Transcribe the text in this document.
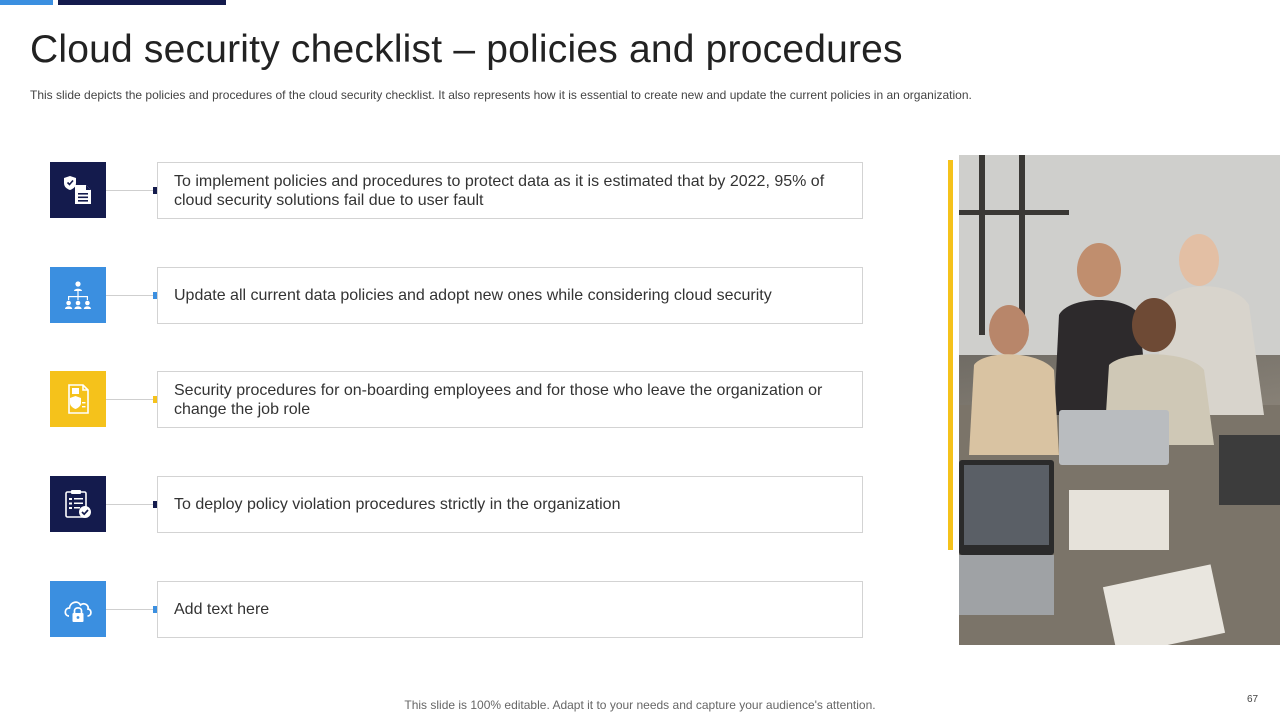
Cloud security checklist – policies and procedures

This slide depicts the policies and procedures of the cloud security checklist. It also represents how it is essential to create new and update the current policies in an organization.

To implement policies and procedures to protect data as it is estimated that by 2022, 95% of cloud security solutions fail due to user fault
Update all current data policies and adopt new ones while considering cloud security
Security procedures for on-boarding employees and for those who leave the organization or change the job role
To deploy policy violation procedures strictly in the organization
Add text here

This slide is 100% editable. Adapt it to your needs and capture your audience's attention.	67
